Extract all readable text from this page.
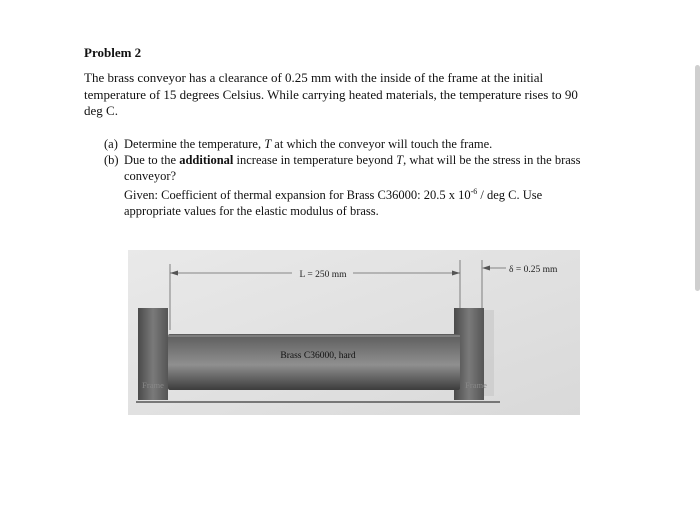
Problem 2
The brass conveyor has a clearance of 0.25 mm with the inside of the frame at the initial
temperature of 15 degrees Celsius. While carrying heated materials, the temperature rises to 90
deg C.
(a) Determine the temperature, T at which the conveyor will touch the frame.
(b) Due to the additional increase in temperature beyond T, what will be the stress in the brass
conveyor?
Given: Coefficient of thermal expansion for Brass C36000: 20.5 x $10^{-6}$ / deg C. Use
appropriate values for the elastic modulus of brass.
L = 250 mm	δ = 0.25 mm
Brass C36000, hard
Frame	Frame
